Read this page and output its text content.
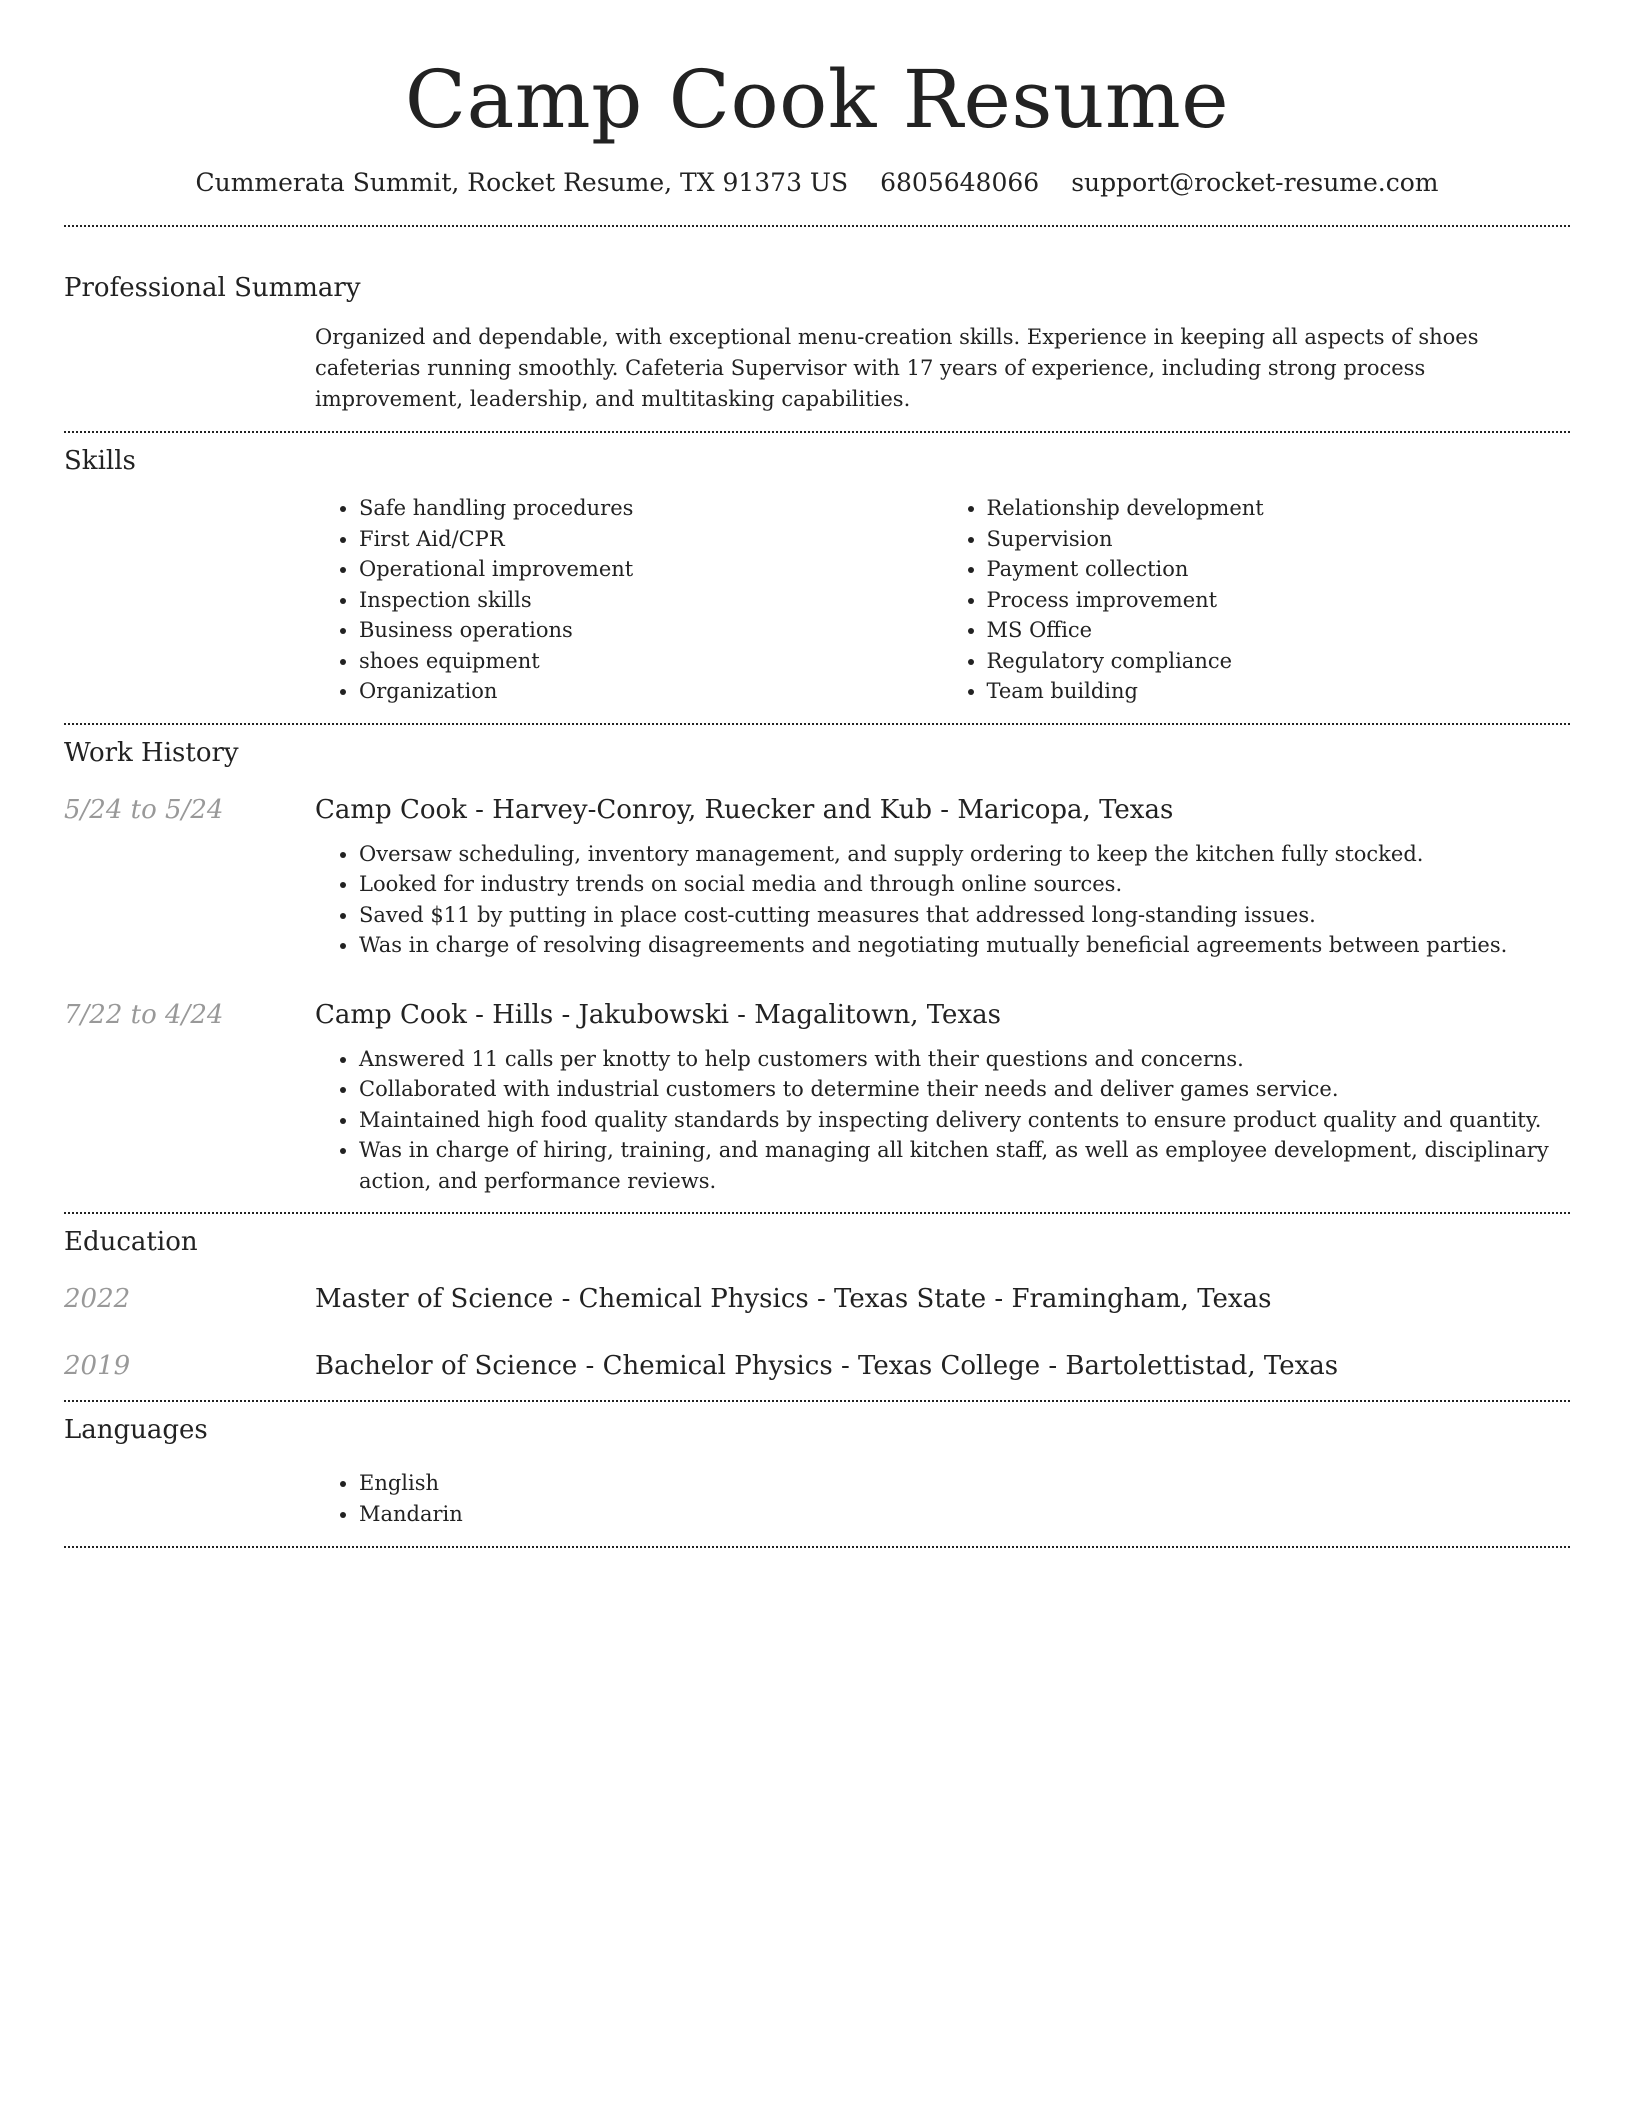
Camp Cook Resume
Cummerata Summit, Rocket Resume, TX 91373 US 6805648066 support@rocket-resume.com
Professional Summary
Organized and dependable, with exceptional menu-creation skills. Experience in keeping all aspects of shoes cafeterias running smoothly. Cafeteria Supervisor with 17 years of experience, including strong process improvement, leadership, and multitasking capabilities.
Skills
• Safe handling procedures
• First Aid/CPR
• Operational improvement
• Inspection skills
• Business operations
• shoes equipment
• Organization
• Relationship development
• Supervision
• Payment collection
• Process improvement
• MS Office
• Regulatory compliance
• Team building
Work History
5/24 to 5/24	Camp Cook - Harvey-Conroy, Ruecker and Kub - Maricopa, Texas
• Oversaw scheduling, inventory management, and supply ordering to keep the kitchen fully stocked.
• Looked for industry trends on social media and through online sources.
• Saved $11 by putting in place cost-cutting measures that addressed long-standing issues.
• Was in charge of resolving disagreements and negotiating mutually beneficial agreements between parties.
7/22 to 4/24	Camp Cook - Hills - Jakubowski - Magalitown, Texas
• Answered 11 calls per knotty to help customers with their questions and concerns.
• Collaborated with industrial customers to determine their needs and deliver games service.
• Maintained high food quality standards by inspecting delivery contents to ensure product quality and quantity.
• Was in charge of hiring, training, and managing all kitchen staff, as well as employee development, disciplinary action, and performance reviews.
Education
2022	Master of Science - Chemical Physics - Texas State - Framingham, Texas
2019	Bachelor of Science - Chemical Physics - Texas College - Bartolettistad, Texas
Languages
• English
• Mandarin
